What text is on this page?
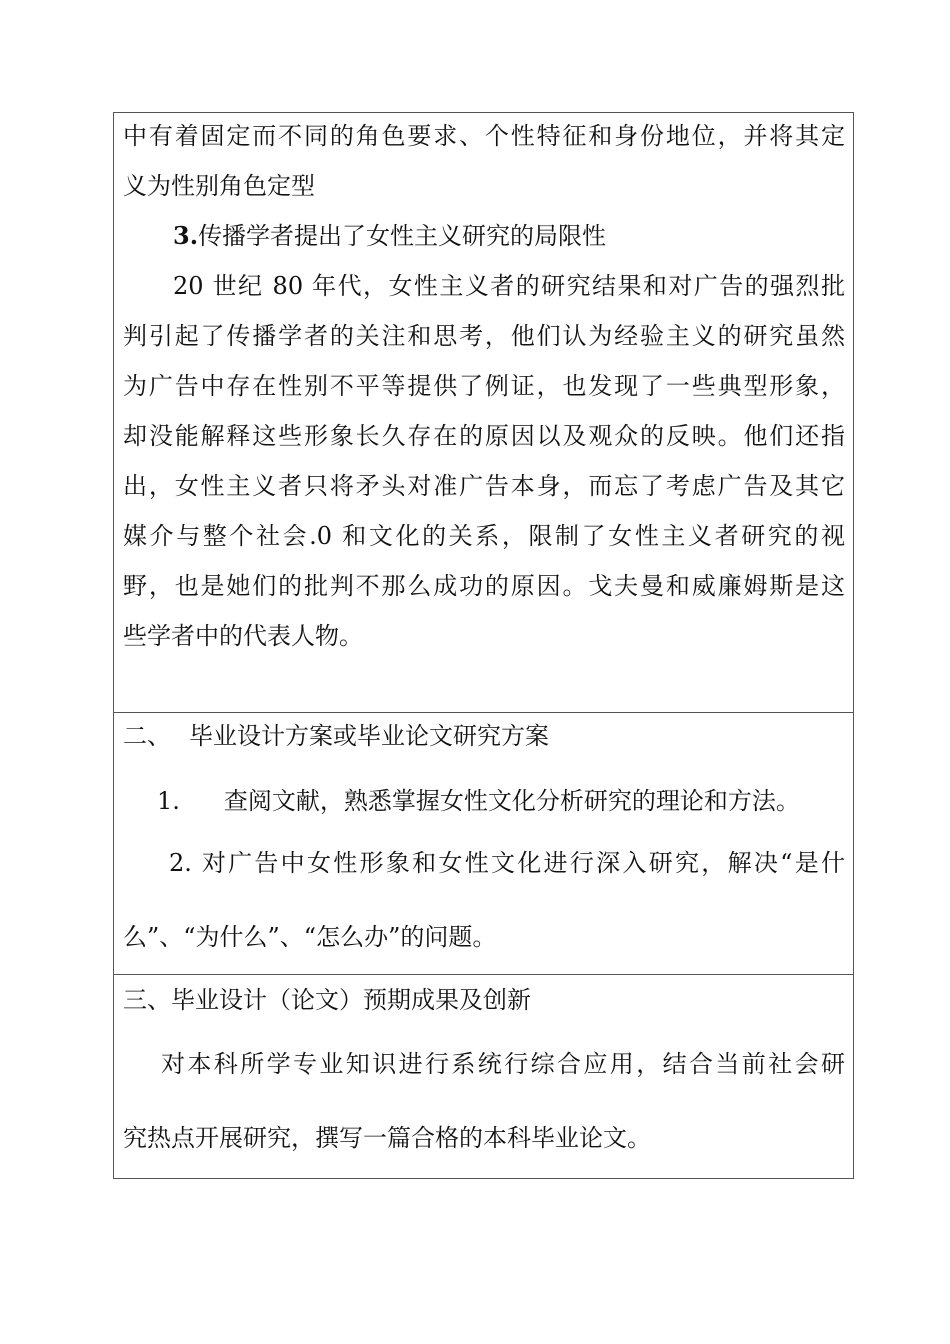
中有着固定而不同的角色要求、个性特征和身份地位，并将其定
义为性别角色定型
3.传播学者提出了女性主义研究的局限性
20 世纪 80 年代，女性主义者的研究结果和对广告的强烈批
判引起了传播学者的关注和思考，他们认为经验主义的研究虽然
为广告中存在性别不平等提供了例证，也发现了一些典型形象，
却没能解释这些形象长久存在的原因以及观众的反映。他们还指
出，女性主义者只将矛头对准广告本身，而忘了考虑广告及其它
媒介与整个社会.0 和文化的关系，限制了女性主义者研究的视
野，也是她们的批判不那么成功的原因。戈夫曼和威廉姆斯是这
些学者中的代表人物。
二、 毕业设计方案或毕业论文研究方案
1. 查阅文献，熟悉掌握女性文化分析研究的理论和方法。
2. 对广告中女性形象和女性文化进行深入研究，解决“是什
么”、“为什么”、“怎么办”的问题。
三、毕业设计（论文）预期成果及创新
对本科所学专业知识进行系统行综合应用，结合当前社会研
究热点开展研究，撰写一篇合格的本科毕业论文。
